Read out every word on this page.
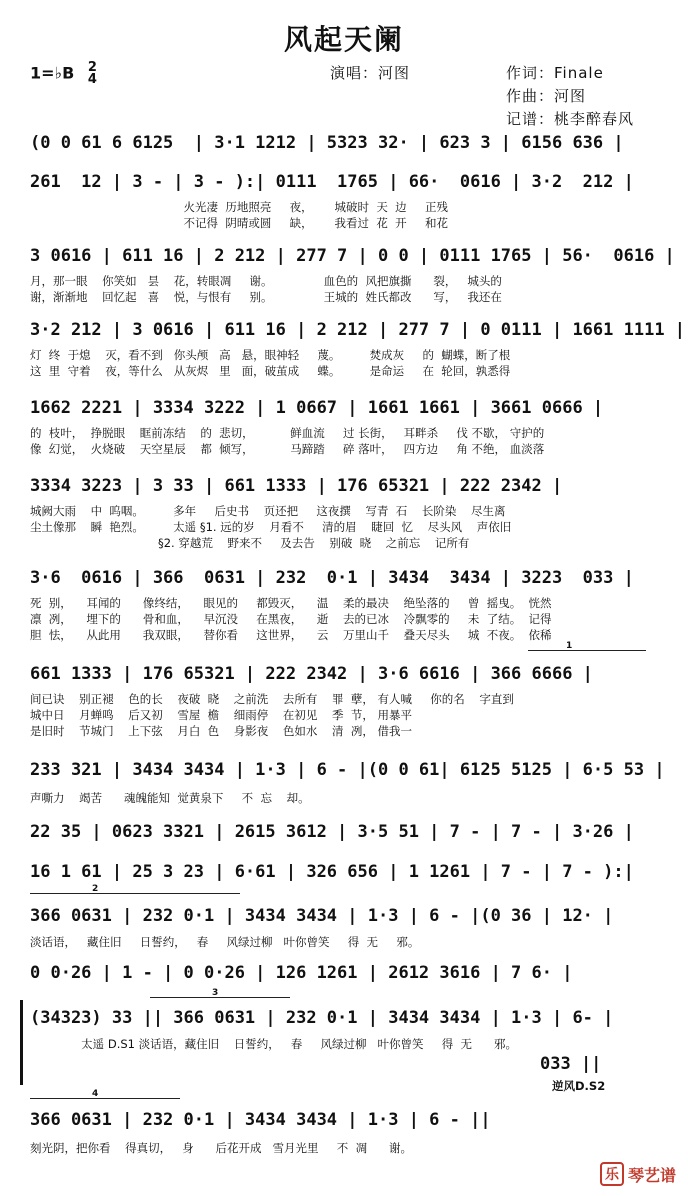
风起天阑
1=♭B 2
4	演唱：河图	作词：Finale
作曲：河图
记谱：桃李醉春风
(0 0 61 6 6125  | 3·1 1212 | 5323 32· | 623 3 | 6156 636 |
261  12 | 3 - | 3 - ):| 0111  1765 | 66·  0616 | 3·2  212 |
火光凄  历地照亮     夜，      城破时  天  边     正残
不记得  阴晴或圆     缺，      我看过  花  开     和花
3 0616 | 611 16 | 2 212 | 277 7 | 0 0 | 0111 1765 | 56·  0616 |
月，那一眼    你笑如   昙    花，转眼凋     谢。              血色的  风把旗撕      裂，   城头的
谢，渐渐地    回忆起   喜    悦，与恨有     别。              王城的  姓氏都改      写，   我还在
3·2 212 | 3 0616 | 611 16 | 2 212 | 277 7 | 0 0111 | 1661 1111 |
灯  终  于熄    灭，看不到   你头颅   高   悬，眼神轻     蔑。        焚成灰     的  蝴蝶，断了根
这  里  守着    夜，等什么   从灰烬   里   面，破茧成     蝶。        是命运     在  轮回，孰悉得
1662 2221 | 3334 3222 | 1 0667 | 1661 1661 | 3661 0666 |
的  枝叶，  挣脱眼    眶前冻结    的  悲切，          鲜血流     过 长街，   耳畔杀     伐 不歇， 守护的
像  幻觉，  火烧破    天空星辰    都  倾写，          马蹄踏     碎 落叶，   四方边     角 不绝， 血淡落
3334 3223 | 3 33 | 661 1333 | 176 65321 | 222 2342 |
城阙大雨    中  呜咽。        多年     后史书    页还把     这夜撰    写青  石    长阶染    尽生离
尘土像那    瞬  艳烈。        太遥 §1. 远的岁    月看不     清的眉    睫回  忆    尽头风    声依旧
§2. 穿越荒    野来不     及去告    别破  晓    之前忘    记所有
3·6  0616 | 366  0631 | 232  0·1 | 3434  3434 | 3223  033 |
死  别，    耳闻的      像终结，    眼见的     都毁灭，    温    柔的最决    绝坠落的     曾  摇曳。  恍然
凛  冽，    埋下的      骨和血，    早沉没     在黑夜，    逝    去的已冰    冷飘零的     未  了结。  记得
胆  怯，    从此用      我双眼，    替你看     这世界，    云    万里山千    叠天尽头     城  不夜。  依稀
1
661 1333 | 176 65321 | 222 2342 | 3·6 6616 | 366 6666 |
间已诀    别正褪    色的长    夜破  晓    之前洗    去所有    罪  孽， 有人喊     你的名    字直到
城中日    月蝉鸣    后又初    雪屋  檐    细雨停    在初见    季  节， 用暴平
是旧时    节城门    上下弦    月白  色    身影夜    色如水    清  冽， 借我一
233 321 | 3434 3434 | 1·3 | 6 - |(0 0 61| 6125 5125 | 6·5 53 |
声嘶力    竭苦      魂魄能知  觉黄泉下     不  忘    却。
22 35 | 0623 3321 | 2615 3612 | 3·5 51 | 7 - | 7 - | 3·26 |
16 1 61 | 25 3 23 | 6·61 | 326 656 | 1 1261 | 7 - | 7 - ):|
2
366 0631 | 232 0·1 | 3434 3434 | 1·3 | 6 - |(0 36 | 12· |
淡话语，   藏住旧     日誓约，   春     风绿过柳   叶你曾笑     得  无     邪。
0 0·26 | 1 - | 0 0·26 | 126 1261 | 2612 3616 | 7 6· |
3
(34323) 33 || 366 0631 | 232 0·1 | 3434 3434 | 1·3 | 6- |
太遥 D.S1 淡话语，藏住旧    日誓约，   春     风绿过柳   叶你曾笑     得  无      邪。
033 ||
逆风D.S2
4
366 0631 | 232 0·1 | 3434 3434 | 1·3 | 6 - ||
刻光阴，把你看    得真切，   身      后花开成   雪月光里     不  凋      谢。
乐 琴艺谱
